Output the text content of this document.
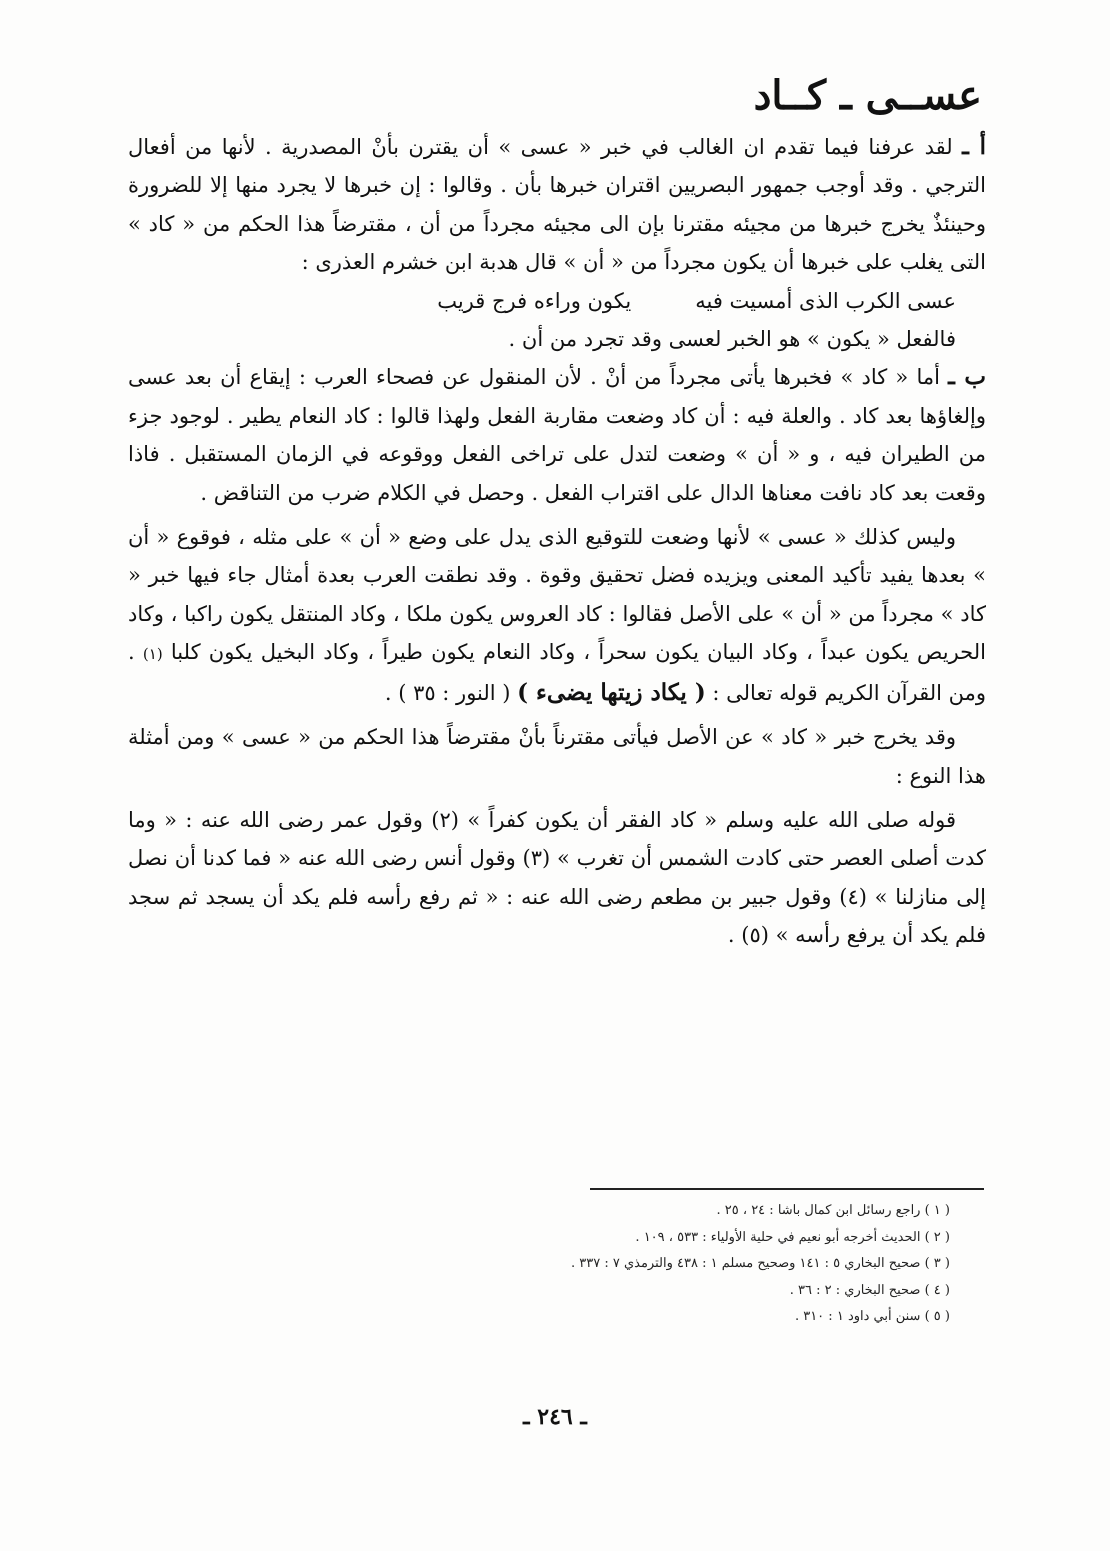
عســى ـ كــاد

أ ـ لقد عرفنا فيما تقدم ان الغالب في خبر « عسى » أن يقترن بأنْ المصدرية . لأنها من أفعال الترجي . وقد أوجب جمهور البصريين اقتران خبرها بأن . وقالوا : إن خبرها لا يجرد منها إلا للضرورة وحينئذٌ يخرج خبرها من مجيئه مقترنا بإن الى مجيئه مجرداً من أن ، مقترضاً هذا الحكم من « كاد » التى يغلب على خبرها أن يكون مجرداً من « أن » قال هدبة ابن خشرم العذرى :

عسى الكرب الذى أمسيت فيه
يكون وراءه فرج قريب

فالفعل « يكون » هو الخبر لعسى وقد تجرد من أن .

ب ـ أما « كاد » فخبرها يأتى مجرداً من أنْ . لأن المنقول عن فصحاء العرب : إيقاع أن بعد عسى وإلغاؤها بعد كاد . والعلة فيه : أن كاد وضعت مقاربة الفعل ولهذا قالوا : كاد النعام يطير . لوجود جزء من الطيران فيه ، و « أن » وضعت لتدل على تراخى الفعل ووقوعه في الزمان المستقبل . فاذا وقعت بعد كاد نافت معناها الدال على اقتراب الفعل . وحصل في الكلام ضرب من التناقض .

وليس كذلك « عسى » لأنها وضعت للتوقيع الذى يدل على وضع « أن » على مثله ، فوقوع « أن » بعدها يفيد تأكيد المعنى ويزيده فضل تحقيق وقوة . وقد نطقت العرب بعدة أمثال جاء فيها خبر « كاد » مجرداً من « أن » على الأصل فقالوا : كاد العروس يكون ملكا ، وكاد المنتقل يكون راكبا ، وكاد الحريص يكون عبداً ، وكاد البيان يكون سحراً ، وكاد النعام يكون طيراً ، وكاد البخيل يكون كلبا (١) . ومن القرآن الكريم قوله تعالى : ( يكاد زيتها يضىء ) ( النور : ٣٥ ) .

وقد يخرج خبر « كاد » عن الأصل فيأتى مقترناً بأنْ مقترضاً هذا الحكم من « عسى » ومن أمثلة هذا النوع :

قوله صلى الله عليه وسلم « كاد الفقر أن يكون كفراً » (٢) وقول عمر رضى الله عنه : « وما كدت أصلى العصر حتى كادت الشمس أن تغرب » (٣) وقول أنس رضى الله عنه « فما كدنا أن نصل إلى منازلنا » (٤) وقول جبير بن مطعم رضى الله عنه : « ثم رفع رأسه فلم يكد أن يسجد ثم سجد فلم يكد أن يرفع رأسه » (٥) .

( ١ ) راجع رسائل ابن كمال باشا : ٢٤ ، ٢٥ .
( ٢ ) الحديث أخرجه أبو نعيم في حلية الأولياء : ٥٣٣ ، ١٠٩ .
( ٣ ) صحيح البخاري ٥ : ١٤١ وصحيح مسلم ١ : ٤٣٨ والترمذي ٧ : ٣٣٧ .
( ٤ ) صحيح البخاري : ٢ : ٣٦ .
( ٥ ) سنن أبي داود ١ : ٣١٠ .
ـ ٢٤٦ ـ
